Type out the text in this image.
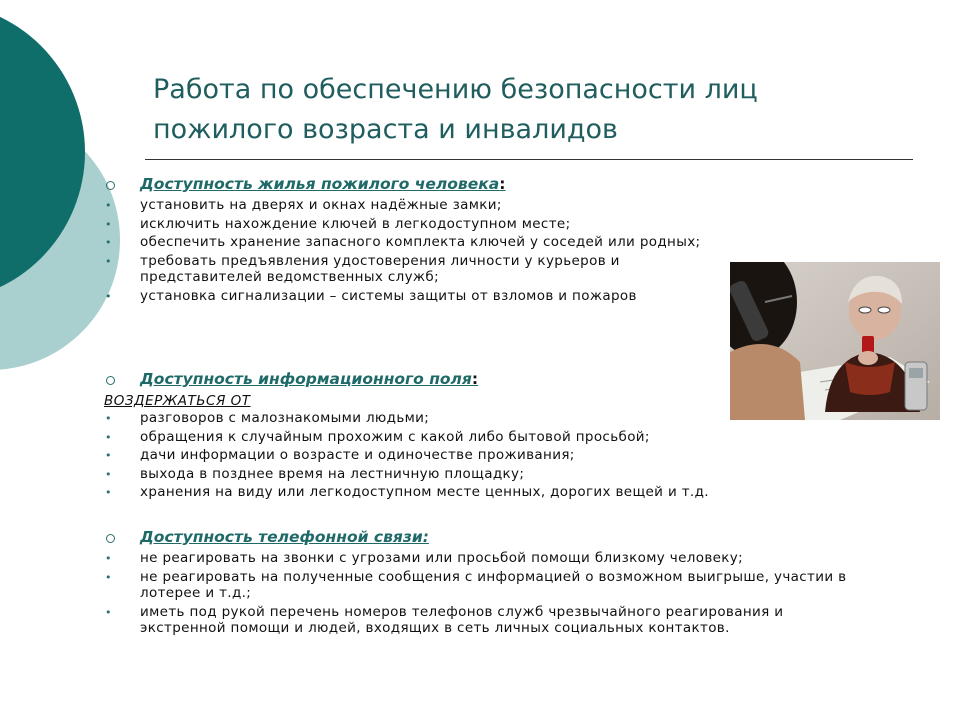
Работа по обеспечению безопасности лиц
пожилого возраста и инвалидов
Доступность жилья пожилого человека:
• установить на дверях и окнах надёжные замки;
• исключить нахождение ключей в легкодоступном месте;
• обеспечить хранение запасного комплекта ключей у соседей или родных;
• требовать предъявления удостоверения личности у курьеров и представителей ведомственных служб;
• установка сигнализации – системы защиты от взломов и пожаров
Доступность информационного поля:
ВОЗДЕРЖАТЬСЯ ОТ
• разговоров с малознакомыми людьми;
• обращения к случайным прохожим с какой либо бытовой просьбой;
• дачи информации о возрасте и одиночестве проживания;
• выхода в позднее время на лестничную площадку;
• хранения на виду или легкодоступном месте ценных, дорогих вещей и т.д.
Доступность телефонной связи:
• не реагировать на звонки с угрозами или просьбой помощи близкому человеку;
• не реагировать на полученные сообщения с информацией о возможном выигрыше, участии в лотерее и т.д.;
• иметь под рукой перечень номеров телефонов служб чрезвычайного реагирования и экстренной помощи и людей, входящих в сеть личных социальных контактов.
